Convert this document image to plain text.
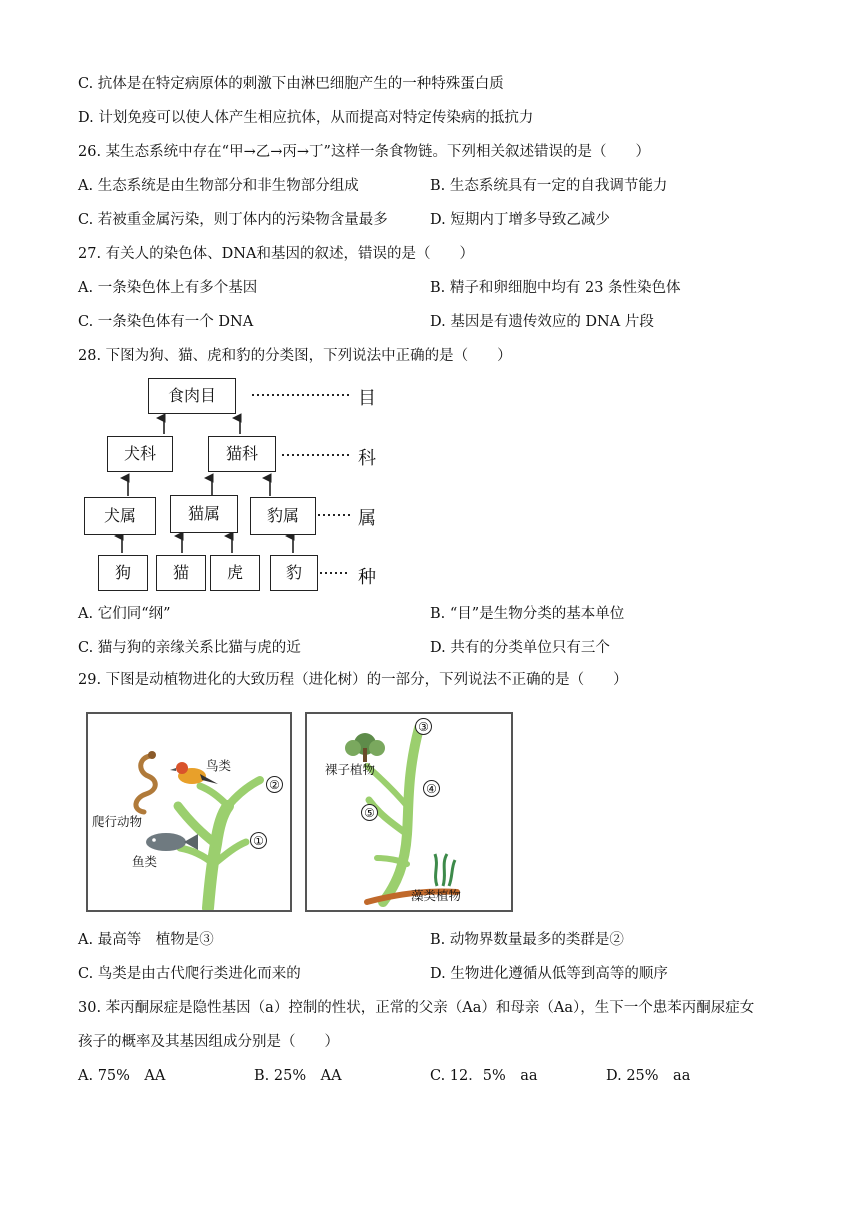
C. 抗体是在特定病原体的刺激下由淋巴细胞产生的一种特殊蛋白质
D. 计划免疫可以使人体产生相应抗体，从而提高对特定传染病的抵抗力
26. 某生态系统中存在“甲→乙→丙→丁”这样一条食物链。下列相关叙述错误的是（　　）
A. 生态系统是由生物部分和非生物部分组成	B. 生态系统具有一定的自我调节能力
C. 若被重金属污染，则丁体内的污染物含量最多	D. 短期内丁增多导致乙减少
27. 有关人的染色体、DNA和基因的叙述，错误的是（　　）
A. 一条染色体上有多个基因	B. 精子和卵细胞中均有 23 条性染色体
C. 一条染色体有一个 DNA	D. 基因是有遗传效应的 DNA 片段
28. 下图为狗、猫、虎和豹的分类图，下列说法中正确的是（　　）
食肉目
犬科	猫科
犬属	猫属	豹属
狗	猫	虎	豹
目
科
属
种
A. 它们同“纲”	B. “目”是生物分类的基本单位
C. 猫与狗的亲缘关系比猫与虎的近	D. 共有的分类单位只有三个
29. 下图是动植物进化的大致历程（进化树）的一部分，下列说法不正确的是（　　）
鸟类
爬行动物
鱼类
②
①
裸子植物
藻类植物
③
④
⑤
A. 最高等　植物是③	B. 动物界数量最多的类群是②
C. 鸟类是由古代爬行类进化而来的	D. 生物进化遵循从低等到高等的顺序
30. 苯丙酮尿症是隐性基因（a）控制的性状，正常的父亲（Aa）和母亲（Aa），生下一个患苯丙酮尿症女
孩子的概率及其基因组成分别是（　　）
A. 75%　AA	B. 25%　AA	C. 12．5%　aa	D. 25%　aa
